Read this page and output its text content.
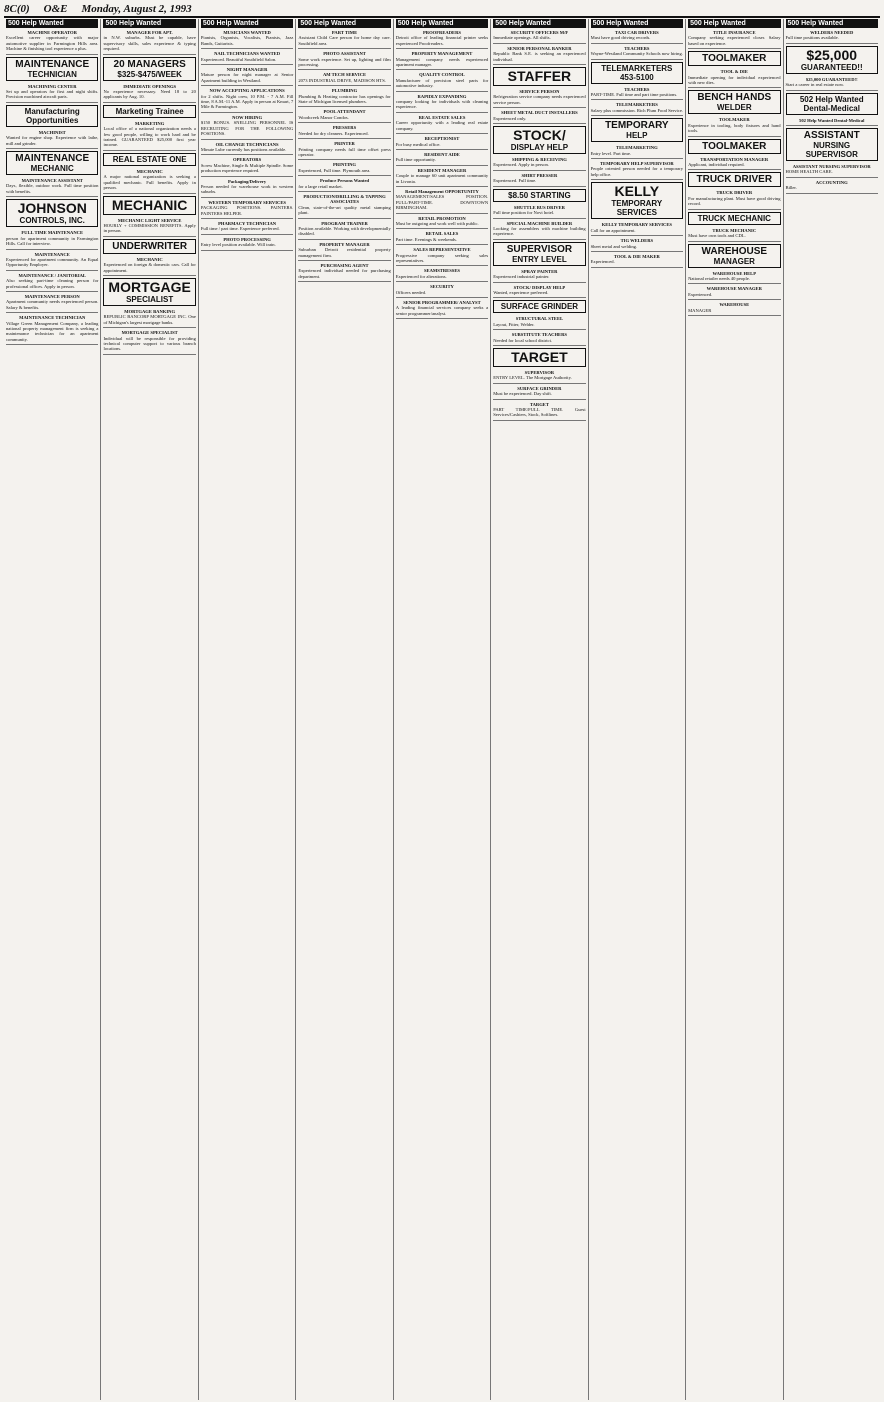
8C(0) O&E Monday, August 2, 1993
500 Help Wanted

MACHINE OPERATOR

Excellent career opportunity with major automotive supplier in Farmington Hills area. Machine & finishing tool experience a plus.

MAINTENANCE
TECHNICIAN

MACHINING CENTER

Set up and operators for first and night shifts. Precision machined aircraft parts.

Manufacturing
Opportunities

MACHINIST

Wanted for engine shop. Experience with lathe, mill and grinder.

MAINTENANCE
MECHANIC

MAINTENANCE ASSISTANT

Days, flexible, outdoor work. Full time position with benefits.

JOHNSON
CONTROLS, INC.

FULL TIME MAINTENANCE

person for apartment community in Farmington Hills. Call for interview.

MAINTENANCE

Experienced for apartment community. An Equal Opportunity Employer.

MAINTENANCE / JANITORIAL

Also seeking part-time cleaning person for professional offices. Apply in person.

MAINTENANCE PERSON

Apartment community needs experienced person. Salary & benefits.

MAINTENANCE TECHNICIAN

Village Green Management Company, a leading national property management firm is seeking a maintenance technician for an apartment community.

500 Help Wanted

MANAGER FOR APT.

in N.W. suburbs. Must be capable, have supervisory skills, sales experience & typing required.

20 MANAGERS
$325-$475/WEEK

IMMEDIATE OPENINGS

No experience necessary. Need 18 to 20 applicants by Aug. 10.

Marketing Trainee

MARKETING

Local office of a national organization needs a few good people, willing to work hard and be trained. GUARANTEED $25,000 first year income.

REAL ESTATE ONE

MECHANIC

A major national organization is seeking a qualified mechanic. Full benefits. Apply in person.

MECHANIC

MECHANIC LIGHT SERVICE

HOURLY + COMMISSION BENEFITS. Apply in person.

UNDERWRITER

MECHANIC

Experienced on foreign & domestic cars. Call for appointment.

MORTGAGE
SPECIALIST

MORTGAGE BANKING

REPUBLIC BANCORP MORTGAGE INC. One of Michigan's largest mortgage banks.

MORTGAGE SPECIALIST

Individual will be responsible for providing technical computer support to various branch locations.

500 Help Wanted

MUSICIANS WANTED

Pianists, Organists, Vocalists, Pianists, Jazz Bands, Guitarists.

NAIL TECHNICIANS WANTED

Experienced. Beautiful Southfield Salon.

NIGHT MANAGER

Mature person for night manager at Senior Apartment building in Westland.

NOW ACCEPTING APPLICATIONS

for 2 shifts. Night crew, 10 P.M. - 7 A.M. Fill time, 8 A.M.-11 A.M. Apply in person at Kmart, 7 Mile & Farmington.

NOW HIRING

$150 BONUS. SNELLING PERSONNEL IS RECRUITING FOR THE FOLLOWING POSITIONS.

OIL CHANGE TECHNICIANS

Minute Lube currently has positions available.

OPERATORS

Screw Machine, Single & Multiple Spindle. Some production experience required.

Packaging/Delivery

Person needed for warehouse work in western suburbs.

WESTERN TEMPORARY SERVICES

PACKAGING POSITIONS. PAINTERS. PAINTERS HELPER.

PHARMACY TECHNICIAN

Full time / part time. Experience preferred.

PHOTO PROCESSING

Entry level position available. Will train.

500 Help Wanted

PART TIME

Assistant Child Care person for home day care. Southfield area.

PHOTO ASSISTANT

Some work experience. Set up, lighting and film processing.

AM TECH SERVICE

2073 INDUSTRIAL DRIVE, MADISON HTS.

PLUMBING

Plumbing & Heating contractor has openings for State of Michigan licensed plumbers.

POOL ATTENDANT

Woodcreek Manor Condos.

PRESSERS

Needed for dry cleaners. Experienced.

PRINTER

Printing company needs full time offset press operator.

PRINTING

Experienced, Full time. Plymouth area.

Produce Persons Wanted

for a large retail market.

PRODUCTION/DRILLING & TAPPING ASSOCIATES

Clean, state-of-the-art quality metal stamping plant.

PROGRAM TRAINER

Position available. Working with developmentally disabled.

PROPERTY MANAGER

Suburban Detroit residential property management firm.

PURCHASING AGENT

Experienced individual needed for purchasing department.

500 Help Wanted

PROOFREADERS

Detroit office of leading financial printer seeks experienced Proofreaders.

PROPERTY MANAGEMENT

Management company needs experienced apartment manager.

QUALITY CONTROL

Manufacturer of precision steel parts for automotive industry.

RAPIDLY EXPANDING

company looking for individuals with cleaning experience.

REAL ESTATE SALES

Career opportunity with a leading real estate company.

RECEPTIONIST

For busy medical office.

RESIDENT AIDE

Full time opportunity.

RESIDENT MANAGER

Couple to manage 60 unit apartment community in Livonia.

Retail Management OPPORTUNITY

MANAGEMENT/SALES POSITION. FULL/PART-TIME. DOWNTOWN BIRMINGHAM.

RETAIL PROMOTION

Must be outgoing and work well with public.

RETAIL SALES

Part time. Evenings & weekends.

SALES REPRESENTATIVE

Progressive company seeking sales representatives.

SEAMSTRESSES

Experienced for alterations.

SECURITY

Officers needed.

SENIOR PROGRAMMER/ ANALYST

A leading financial services company seeks a senior programmer/analyst.

500 Help Wanted

SECURITY OFFICERS M/F

Immediate openings. All shifts.

SENIOR PERSONAL BANKER

Republic Bank S.E. is seeking an experienced individual.

STAFFER

SERVICE PERSON

Refrigeration service company needs experienced service person.

SHEET METAL DUCT INSTALLERS

Experienced only.

STOCK/
DISPLAY HELP

SHIPPING & RECEIVING

Experienced. Apply in person.

SHIRT PRESSER

Experienced. Full time.

$8.50 STARTING

SHUTTLE BUS DRIVER

Full time position for Novi hotel.

SPECIAL MACHINE BUILDER

Looking for assemblers with machine building experience.

SUPERVISOR
ENTRY LEVEL

SPRAY PAINTER

Experienced industrial painter.

STOCK/ DISPLAY HELP

Wanted, experience preferred.

SURFACE GRINDER

STRUCTURAL STEEL

Layout, Fitter, Welder.

SUBSTITUTE TEACHERS

Needed for local school district.

TARGET

SUPERVISOR

ENTRY LEVEL. The Mortgage Authority.

SURFACE GRINDER

Must be experienced. Day shift.

TARGET

PART TIME/FULL TIME. Guest Services/Cashiers, Stock, Softlines.

500 Help Wanted

TAXI CAB DRIVERS

Must have good driving records.

TEACHERS

Wayne-Westland Community Schools now hiring.

TELEMARKETERS
453-5100

TEACHERS

PART-TIME. Full time and part time positions.

TELEMARKETERS

Salary plus commission. Rich Plum Food Service.

TEMPORARY
HELP

TELEMARKETING

Entry level. Part time.

TEMPORARY HELP SUPERVISOR

People oriented person needed for a temporary help office.

KELLY
TEMPORARY SERVICES

KELLY TEMPORARY SERVICES

Call for an appointment.

TIG WELDERS

Sheet metal and welding.

TOOL & DIE MAKER

Experienced.

500 Help Wanted

TITLE INSURANCE

Company seeking experienced closer. Salary based on experience.

TOOLMAKER

TOOL & DIE

Immediate opening for individual experienced with new dies.

BENCH HANDS
WELDER

TOOLMAKER

Experience in tooling, body fixtures and hand tools.

TOOLMAKER

TRANSPORTATION MANAGER

Applicant, individual required.

TRUCK DRIVER

TRUCK DRIVER

For manufacturing plant. Must have good driving record.

TRUCK MECHANIC

TRUCK MECHANIC

Must have own tools and CDL.

WAREHOUSE
MANAGER

WAREHOUSE HELP

National retailer needs 40 people.

WAREHOUSE MANAGER

Experienced.

WAREHOUSE

MANAGER

500 Help Wanted

WELDERS NEEDED

Full time positions available.

$25,000
GUARANTEED!!

$25,000 GUARANTEED!!

Start a career in real estate now.

502 Help Wanted
Dental-Medical

502 Help Wanted Dental-Medical

ASSISTANT
NURSING SUPERVISOR

ASSISTANT NURSING SUPERVISOR

HOME HEALTH CARE.

ACCOUNTING

Biller.
